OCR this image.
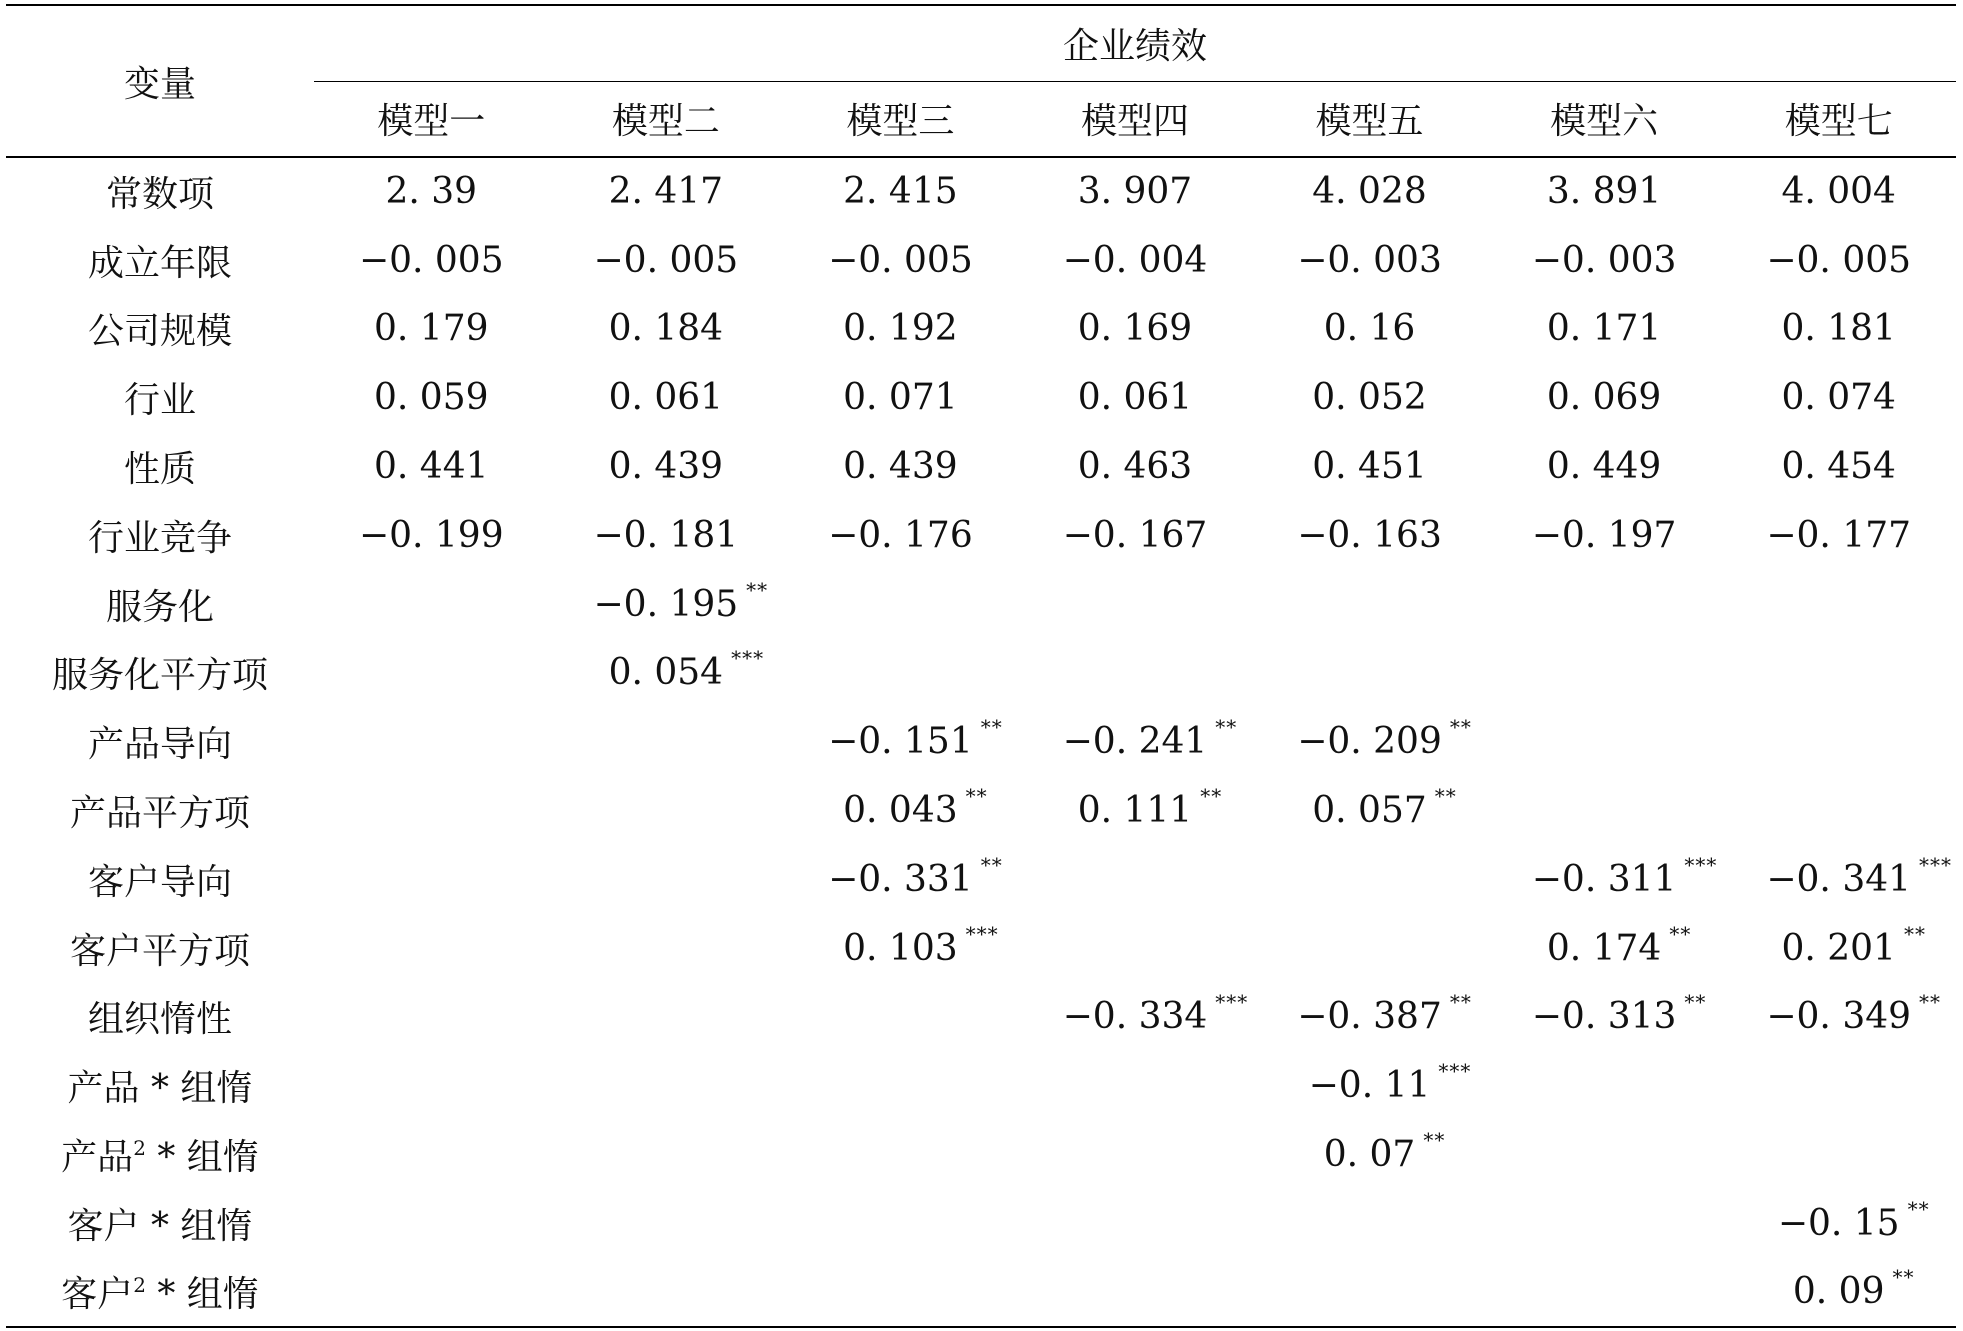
变量	企业绩效						
	模型一	模型二	模型三	模型四	模型五	模型六	模型七
常数项	2. 39	2. 417	2. 415	3. 907	4. 028	3. 891	4. 004
成立年限	−0. 005	−0. 005	−0. 005	−0. 004	−0. 003	−0. 003	−0. 005
公司规模	0. 179	0. 184	0. 192	0. 169	0. 16	0. 171	0. 181
行业	0. 059	0. 061	0. 071	0. 061	0. 052	0. 069	0. 074
性质	0. 441	0. 439	0. 439	0. 463	0. 451	0. 449	0. 454
行业竞争	−0. 199	−0. 181	−0. 176	−0. 167	−0. 163	−0. 197	−0. 177
服务化		−0. 195 **					

服务化平方项		0. 054 ***					

产品导向			−0. 151 **	−0. 241 **	−0. 209 **		

产品平方项			0. 043 **	0. 111 **	0. 057 **		

客户导向			−0. 331 **			−0. 311 ***	−0. 341 ***

客户平方项			0. 103 ***			0. 174 **	0. 201 **

组织惰性				−0. 334 ***	−0. 387 **	−0. 313 **	−0. 349 **

产品 * 组惰					−0. 11 ***		

产品$^2$ * 组惰					0. 07 **		

客户 * 组惰							−0. 15 **

客户$^2$ * 组惰							0. 09 **
